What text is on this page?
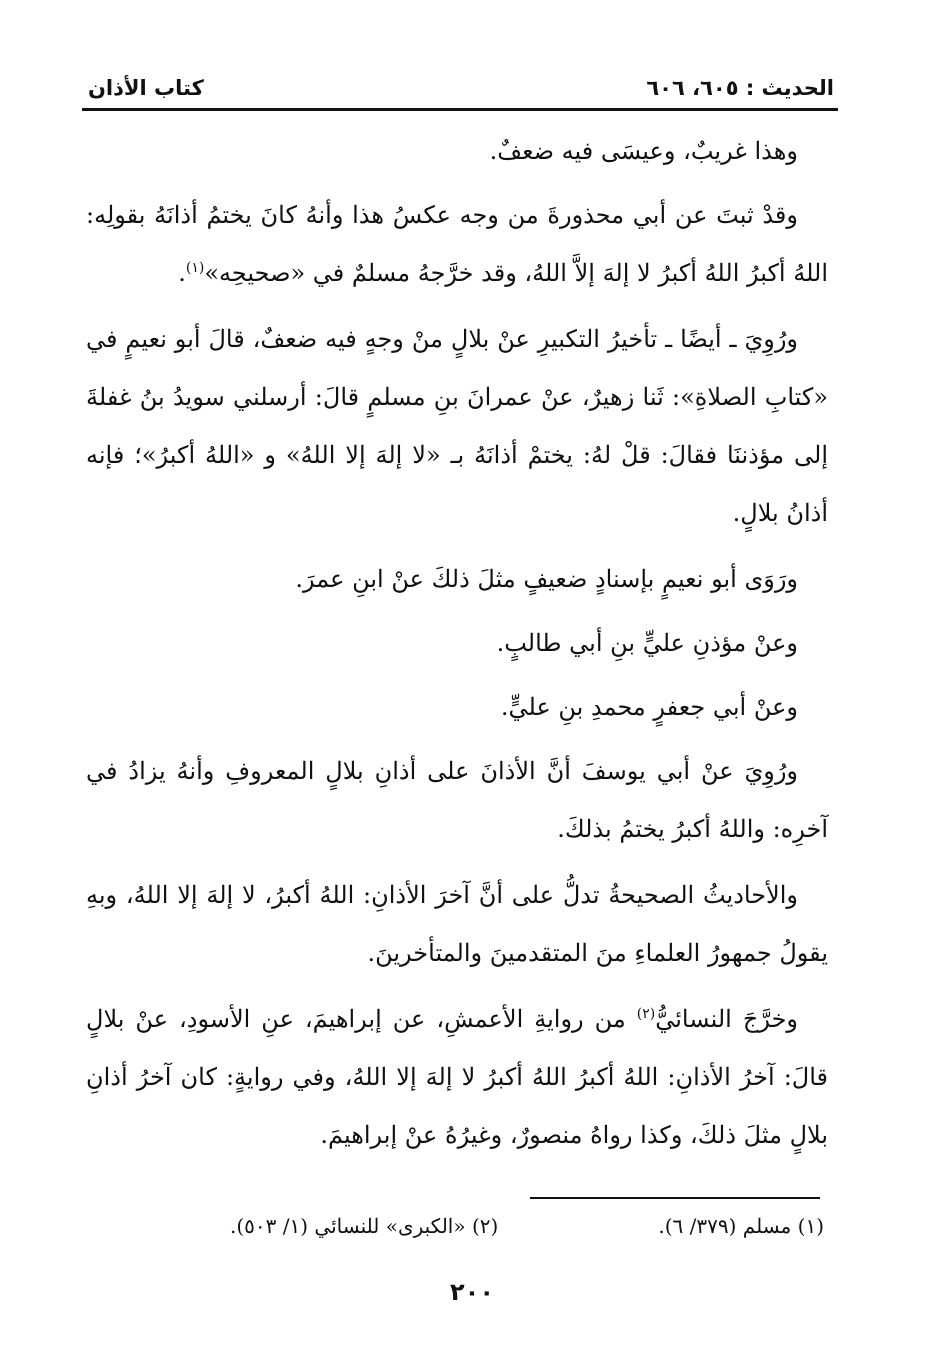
الحديث : ٦٠٥، ٦٠٦
كتاب الأذان

وهذا غريبٌ، وعيسَى فيه ضعفٌ.

وقدْ ثبتَ عن أبي محذورةَ من وجه عكسُ هذا وأنهُ كانَ يختمُ أذانَهُ بقولِه: اللهُ أكبرُ اللهُ أكبرُ لا إلهَ إلاَّ اللهُ، وقد خرَّجهُ مسلمٌ في «صحيحِه»$^{(١)}$.

ورُوِيَ ـ أيضًا ـ تأخيرُ التكبيرِ عنْ بلالٍ منْ وجهٍ فيه ضعفٌ، قالَ أبو نعيمٍ في «كتابِ الصلاةِ»: ثَنا زهيرٌ، عنْ عمرانَ بنِ مسلمٍ قالَ: أرسلني سويدُ بنُ غفلةَ إلى مؤذننَا فقالَ: قلْ لهُ: يختمْ أذانَهُ بـ «لا إلهَ إلا اللهُ» و «اللهُ أكبرُ»؛ فإنه أذانُ بلالٍ.

ورَوَى أبو نعيمٍ بإسنادٍ ضعيفٍ مثلَ ذلكَ عنْ ابنِ عمرَ.

وعنْ مؤذنِ عليٍّ بنِ أبي طالبٍ.

وعنْ أبي جعفرٍ محمدِ بنِ عليٍّ.

ورُوِيَ عنْ أبي يوسفَ أنَّ الأذانَ على أذانِ بلالٍ المعروفِ وأنهُ يزادُ في آخرِه: واللهُ أكبرُ يختمُ بذلكَ.

والأحاديثُ الصحيحةُ تدلُّ على أنَّ آخرَ الأذانِ: اللهُ أكبرُ، لا إلهَ إلا اللهُ، وبهِ يقولُ جمهورُ العلماءِ منَ المتقدمينَ والمتأخرينَ.

وخرَّجَ النسائيُّ$^{(٢)}$ من روايةِ الأعمشِ، عن إبراهيمَ، عنِ الأسودِ، عنْ بلالٍ قالَ: آخرُ الأذانِ: اللهُ أكبرُ اللهُ أكبرُ لا إلهَ إلا اللهُ، وفي روايةٍ: كان آخرُ أذانِ بلالٍ مثلَ ذلكَ، وكذا رواهُ منصورٌ، وغيرُهُ عنْ إبراهيمَ.

(١) مسلم (٣٧٩/ ٦).
(٢) «الكبرى» للنسائي (١/ ٥٠٣).
٢٠٠
